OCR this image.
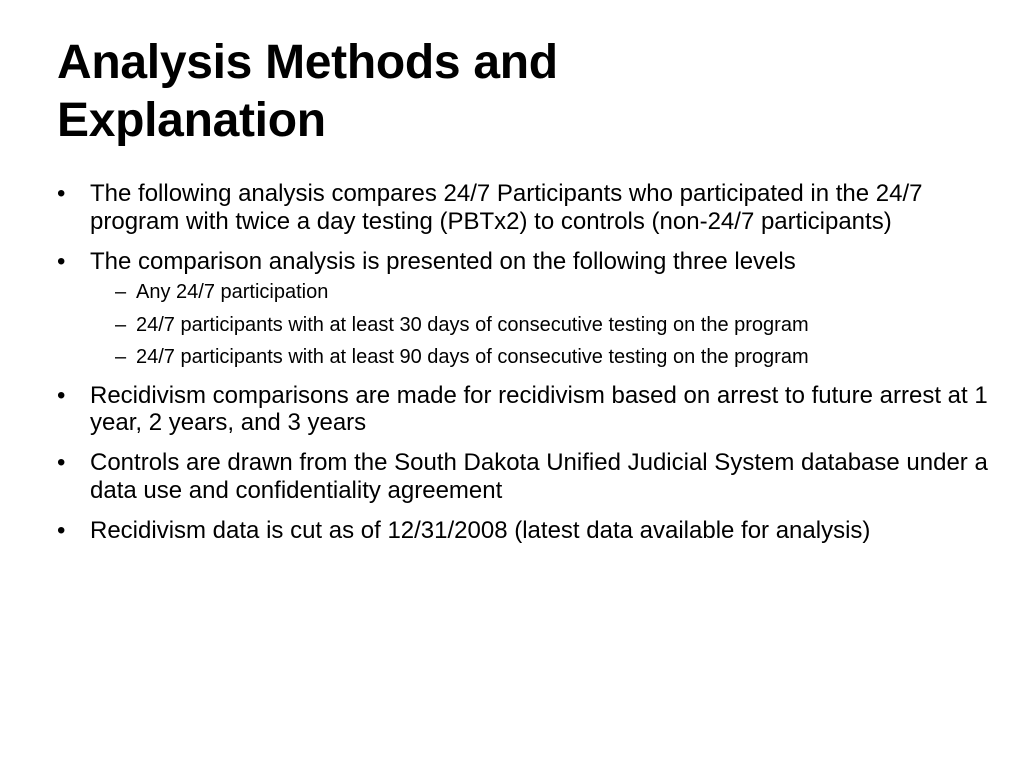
Analysis Methods and
Explanation
•	The following analysis compares 24/7 Participants who participated in the 24/7 program with twice a day testing (PBTx2) to controls (non-24/7 participants)
•	The comparison analysis is presented on the following three levels
– Any 24/7 participation
– 24/7 participants with at least 30 days of consecutive testing on the program
– 24/7 participants with at least 90 days of consecutive testing on the program
•	Recidivism comparisons are made for recidivism based on arrest to future arrest at 1 year, 2 years, and 3 years
•	Controls are drawn from the South Dakota Unified Judicial System database under a data use and confidentiality agreement
•	Recidivism data is cut as of 12/31/2008 (latest data available for analysis)
